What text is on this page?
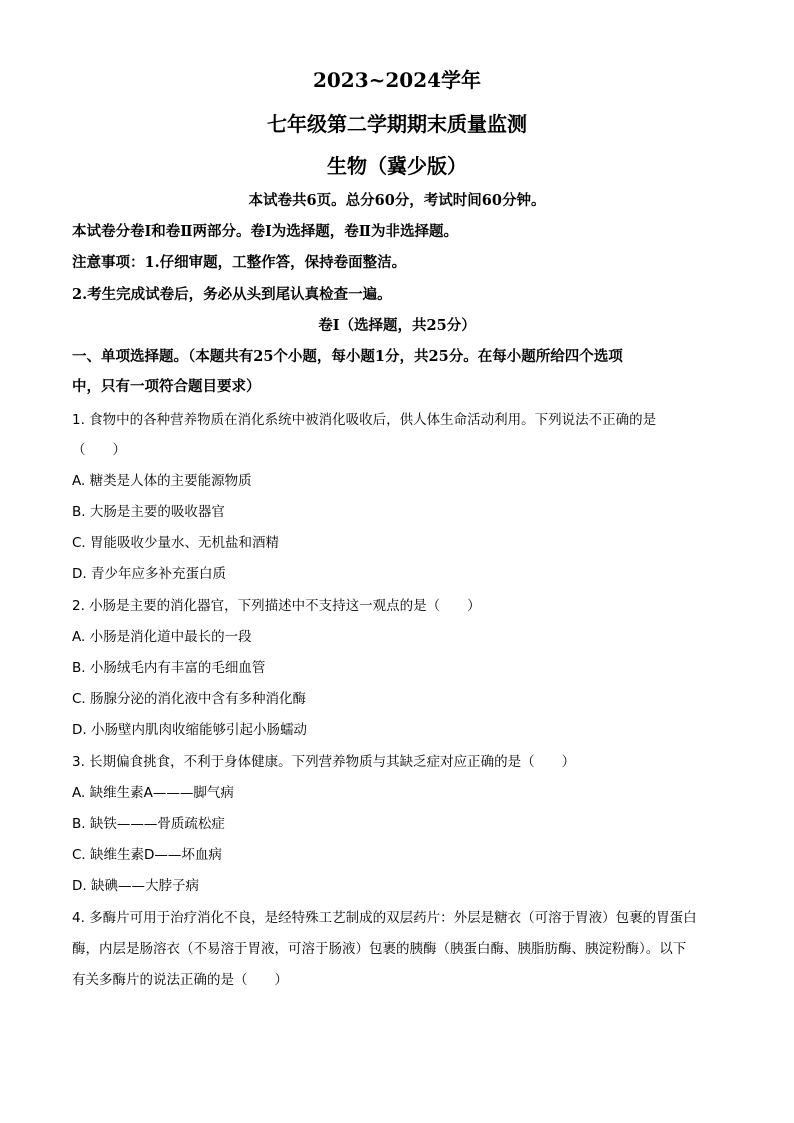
2023~2024学年
七年级第二学期期末质量监测
生物（冀少版）
本试卷共6页。总分60分，考试时间60分钟。
本试卷分卷Ⅰ和卷Ⅱ两部分。卷Ⅰ为选择题，卷Ⅱ为非选择题。
注意事项：1.仔细审题，工整作答，保持卷面整洁。
2.考生完成试卷后，务必从头到尾认真检查一遍。
卷Ⅰ（选择题，共25分）
一、单项选择题。（本题共有25个小题，每小题1分，共25分。在每小题所给四个选项
中，只有一项符合题目要求）
1. 食物中的各种营养物质在消化系统中被消化吸收后，供人体生命活动利用。下列说法不正确的是
（　　）
A. 糖类是人体的主要能源物质
B. 大肠是主要的吸收器官
C. 胃能吸收少量水、无机盐和酒精
D. 青少年应多补充蛋白质
2. 小肠是主要的消化器官，下列描述中不支持这一观点的是（　　）
A. 小肠是消化道中最长的一段
B. 小肠绒毛内有丰富的毛细血管
C. 肠腺分泌的消化液中含有多种消化酶
D. 小肠壁内肌肉收缩能够引起小肠蠕动
3. 长期偏食挑食，不利于身体健康。下列营养物质与其缺乏症对应正确的是（　　）
A. 缺维生素A———脚气病
B. 缺铁———骨质疏松症
C. 缺维生素D——坏血病
D. 缺碘——大脖子病
4. 多酶片可用于治疗消化不良，是经特殊工艺制成的双层药片：外层是糖衣（可溶于胃液）包裹的胃蛋白
酶，内层是肠溶衣（不易溶于胃液，可溶于肠液）包裹的胰酶（胰蛋白酶、胰脂肪酶、胰淀粉酶）。以下
有关多酶片的说法正确的是（　　）
